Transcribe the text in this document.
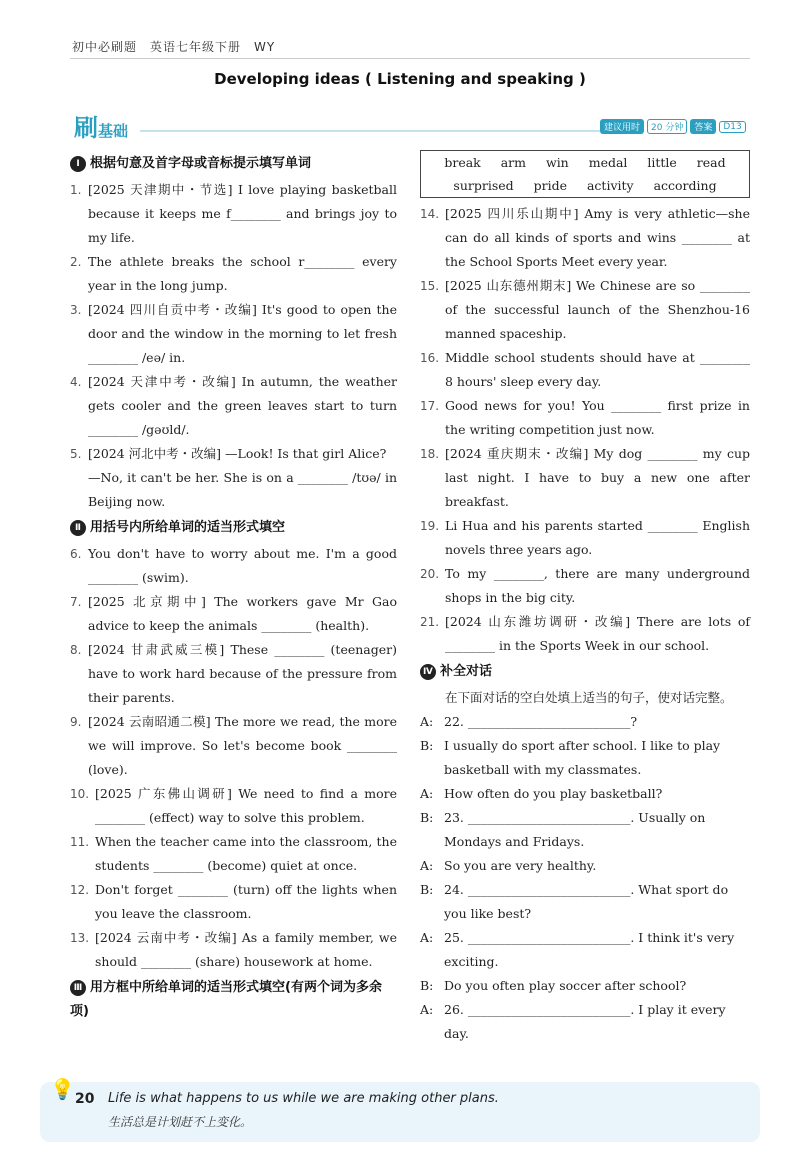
初中必刷题　英语七年级下册　WY
Developing ideas ( Listening and speaking )
刷基础	建议用时	20 分钟	答案	D13
Ⅰ 根据句意及首字母或音标提示填写单词
1. [2025 天津期中・节选] I love playing basketball because it keeps me f________ and brings joy to my life.
2. The athlete breaks the school r________ every year in the long jump.
3. [2024 四川自贡中考・改编] It's good to open the door and the window in the morning to let fresh ________ /eə/ in.
4. [2024 天津中考・改编] In autumn, the weather gets cooler and the green leaves start to turn ________ /gəʊld/.
5. [2024 河北中考・改编] —Look! Is that girl Alice?
—No, it can't be her. She is on a ________ /tʊə/ in Beijing now.
Ⅱ 用括号内所给单词的适当形式填空
6. You don't have to worry about me. I'm a good ________ (swim).
7. [2025 北京期中] The workers gave Mr Gao advice to keep the animals ________ (health).
8. [2024 甘肃武威三模] These ________ (teenager) have to work hard because of the pressure from their parents.
9. [2024 云南昭通二模] The more we read, the more we will improve. So let's become book ________ (love).
10. [2025 广东佛山调研] We need to find a more ________ (effect) way to solve this problem.
11. When the teacher came into the classroom, the students ________ (become) quiet at once.
12. Don't forget ________ (turn) off the lights when you leave the classroom.
13. [2024 云南中考・改编] As a family member, we should ________ (share) housework at home.
Ⅲ 用方框中所给单词的适当形式填空(有两个词为多余项)
break arm win medal little read
surprised pride activity according
14. [2025 四川乐山期中] Amy is very athletic—she can do all kinds of sports and wins ________ at the School Sports Meet every year.
15. [2025 山东德州期末] We Chinese are so ________ of the successful launch of the Shenzhou-16 manned spaceship.
16. Middle school students should have at ________ 8 hours' sleep every day.
17. Good news for you! You ________ first prize in the writing competition just now.
18. [2024 重庆期末・改编] My dog ________ my cup last night. I have to buy a new one after breakfast.
19. Li Hua and his parents started ________ English novels three years ago.
20. To my ________, there are many underground shops in the big city.
21. [2024 山东潍坊调研・改编] There are lots of ________ in the Sports Week in our school.
Ⅳ 补全对话
在下面对话的空白处填上适当的句子，使对话完整。
A: 22. __________________________?
B: I usually do sport after school. I like to play basketball with my classmates.
A: How often do you play basketball?
B: 23. __________________________. Usually on Mondays and Fridays.
A: So you are very healthy.
B: 24. __________________________. What sport do you like best?
A: 25. __________________________. I think it's very exciting.
B: Do you often play soccer after school?
A: 26. __________________________. I play it every day.
💡 20 Life is what happens to us while we are making other plans.
生活总是计划赶不上变化。
